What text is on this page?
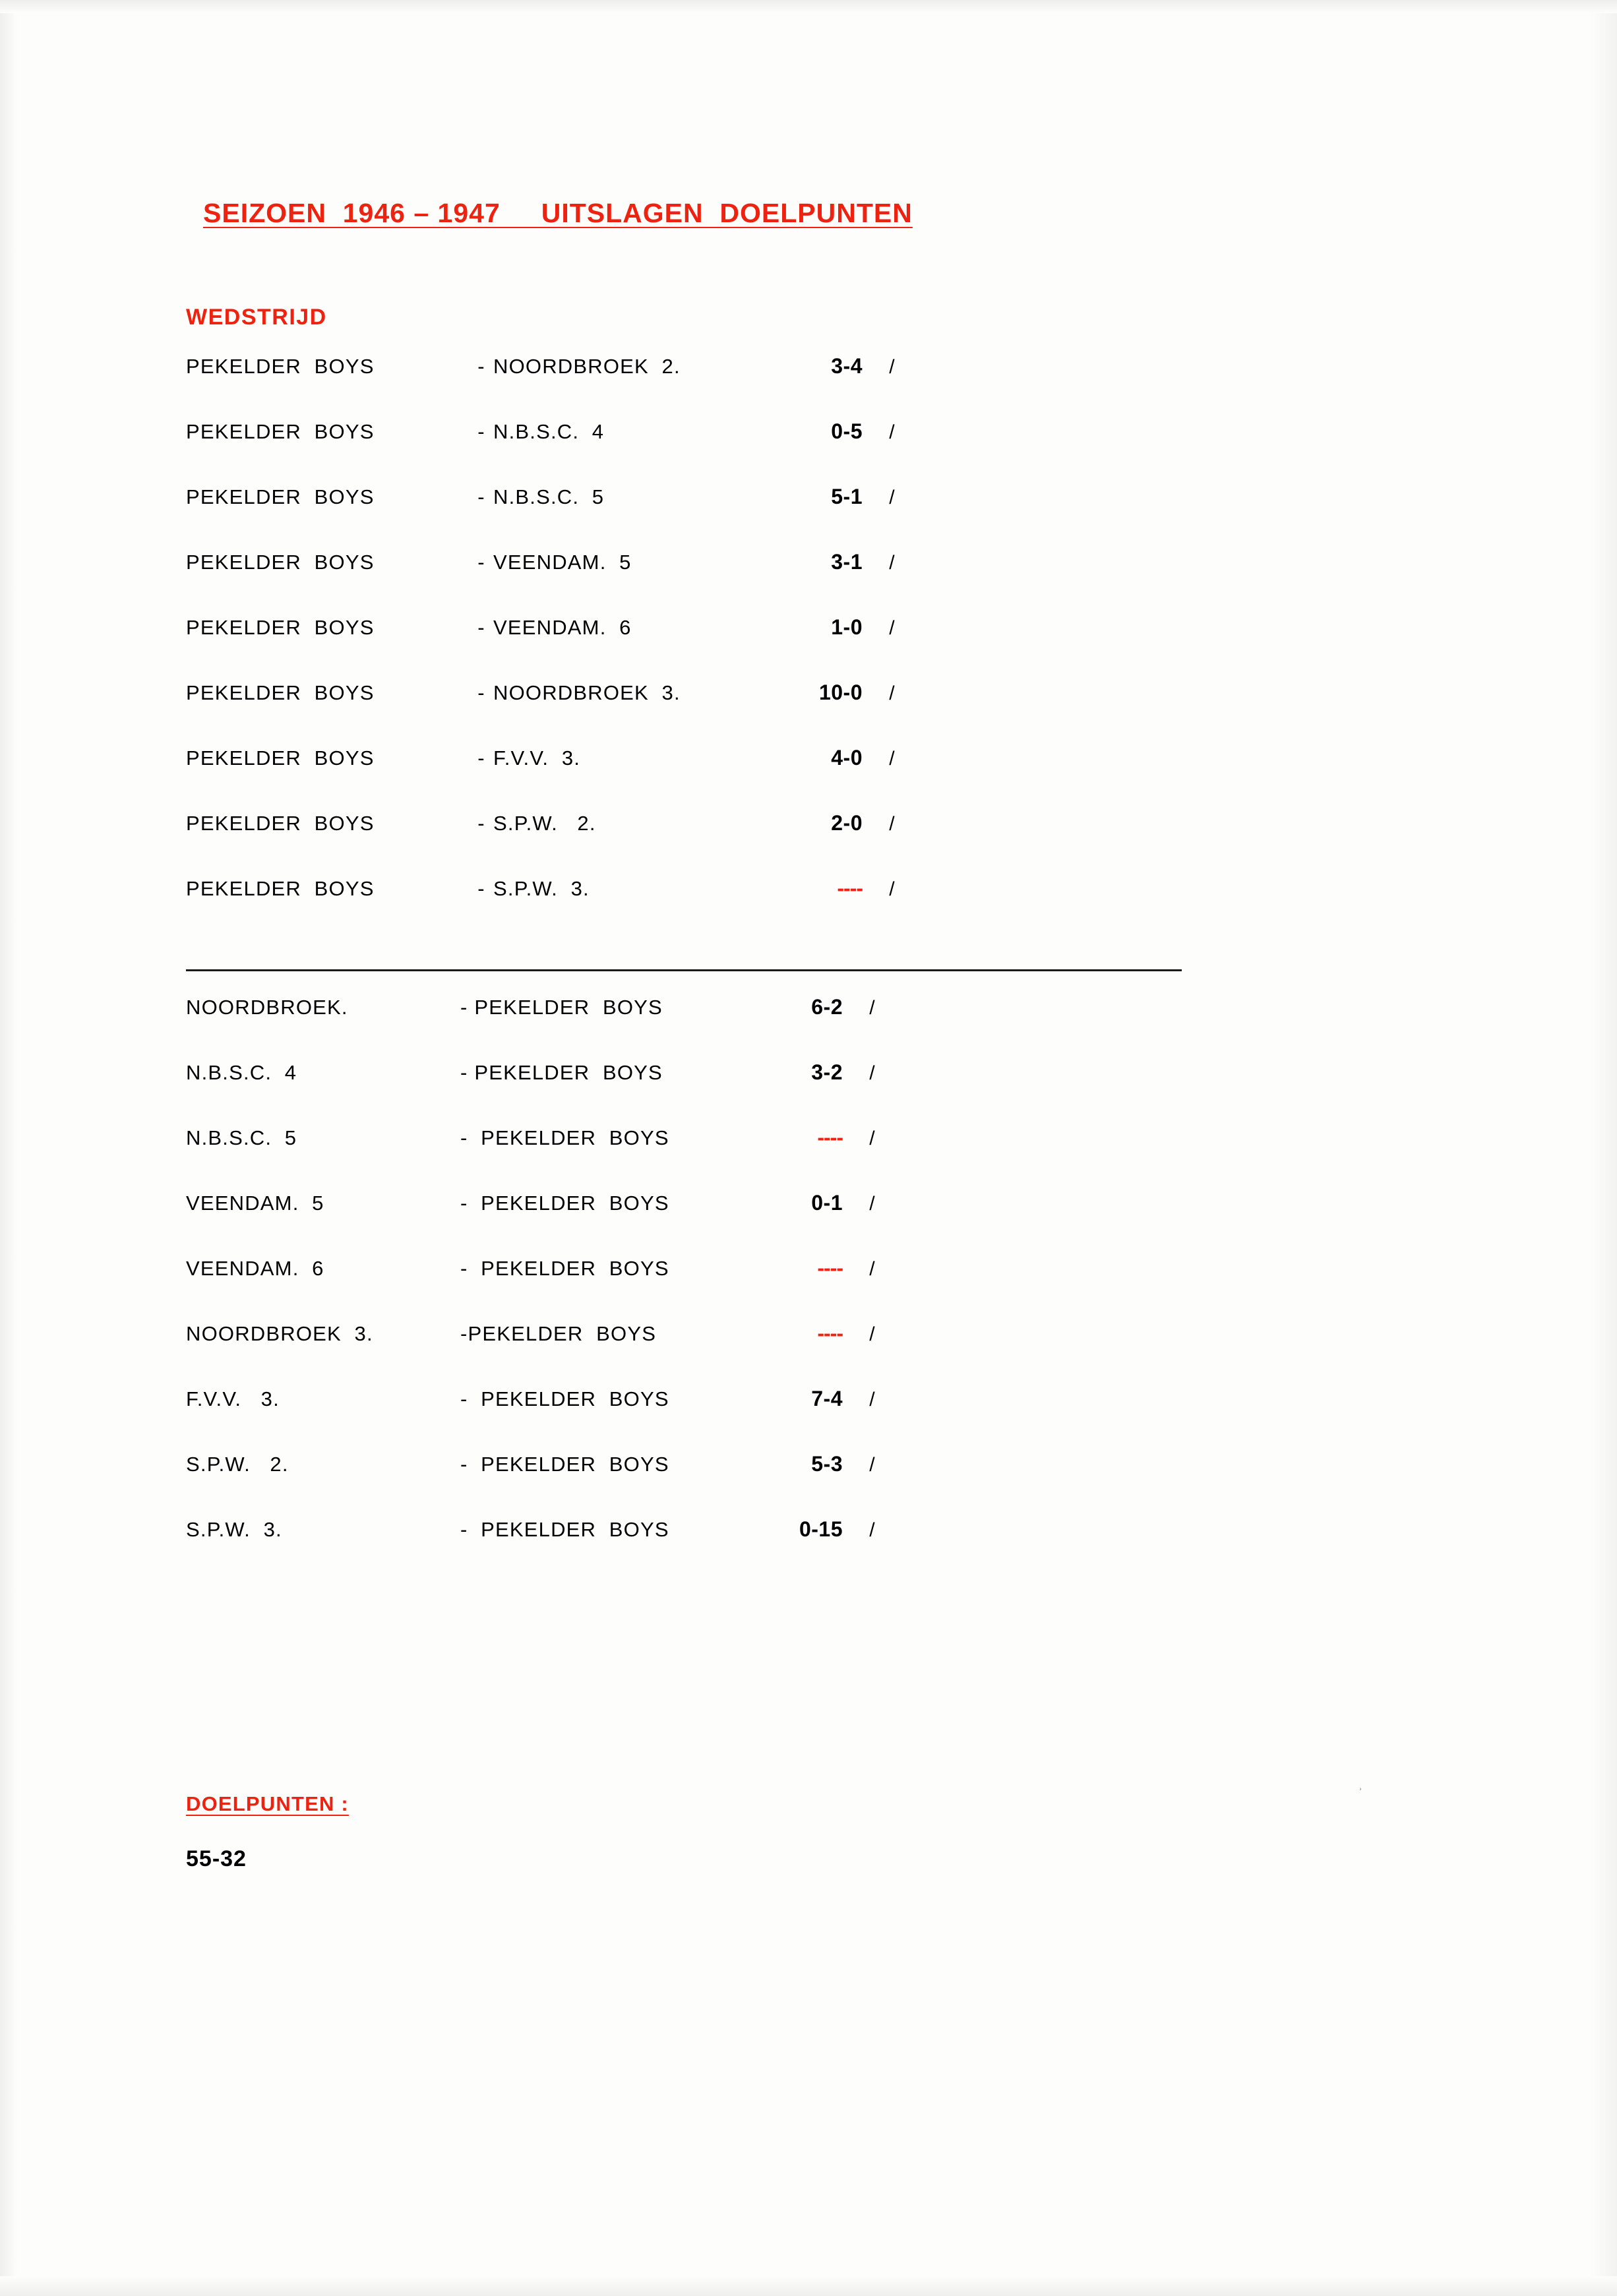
˒
SEIZOEN  1946 – 1947     UITSLAGEN  DOELPUNTEN
WEDSTRIJD
PEKELDER  BOYS	- NOORDBROEK  2.	3-4	/
PEKELDER  BOYS	- N.B.S.C.  4	0-5	/
PEKELDER  BOYS	- N.B.S.C.  5	5-1	/
PEKELDER  BOYS	- VEENDAM.  5	3-1	/
PEKELDER  BOYS	- VEENDAM.  6	1-0	/
PEKELDER  BOYS	- NOORDBROEK  3.	10-0	/
PEKELDER  BOYS	- F.V.V.  3.	4-0	/
PEKELDER  BOYS	- S.P.W.   2.	2-0	/
PEKELDER  BOYS	- S.P.W.  3.	----	/
NOORDBROEK.	- PEKELDER  BOYS	6-2	/
N.B.S.C.  4	- PEKELDER  BOYS	3-2	/
N.B.S.C.  5	-  PEKELDER  BOYS	----	/
VEENDAM.  5	-  PEKELDER  BOYS	0-1	/
VEENDAM.  6	-  PEKELDER  BOYS	----	/
NOORDBROEK  3.	-PEKELDER  BOYS	----	/
F.V.V.   3.	-  PEKELDER  BOYS	7-4	/
S.P.W.   2.	-  PEKELDER  BOYS	5-3	/
S.P.W.  3.	-  PEKELDER  BOYS	0-15	/
DOELPUNTEN :
55-32
